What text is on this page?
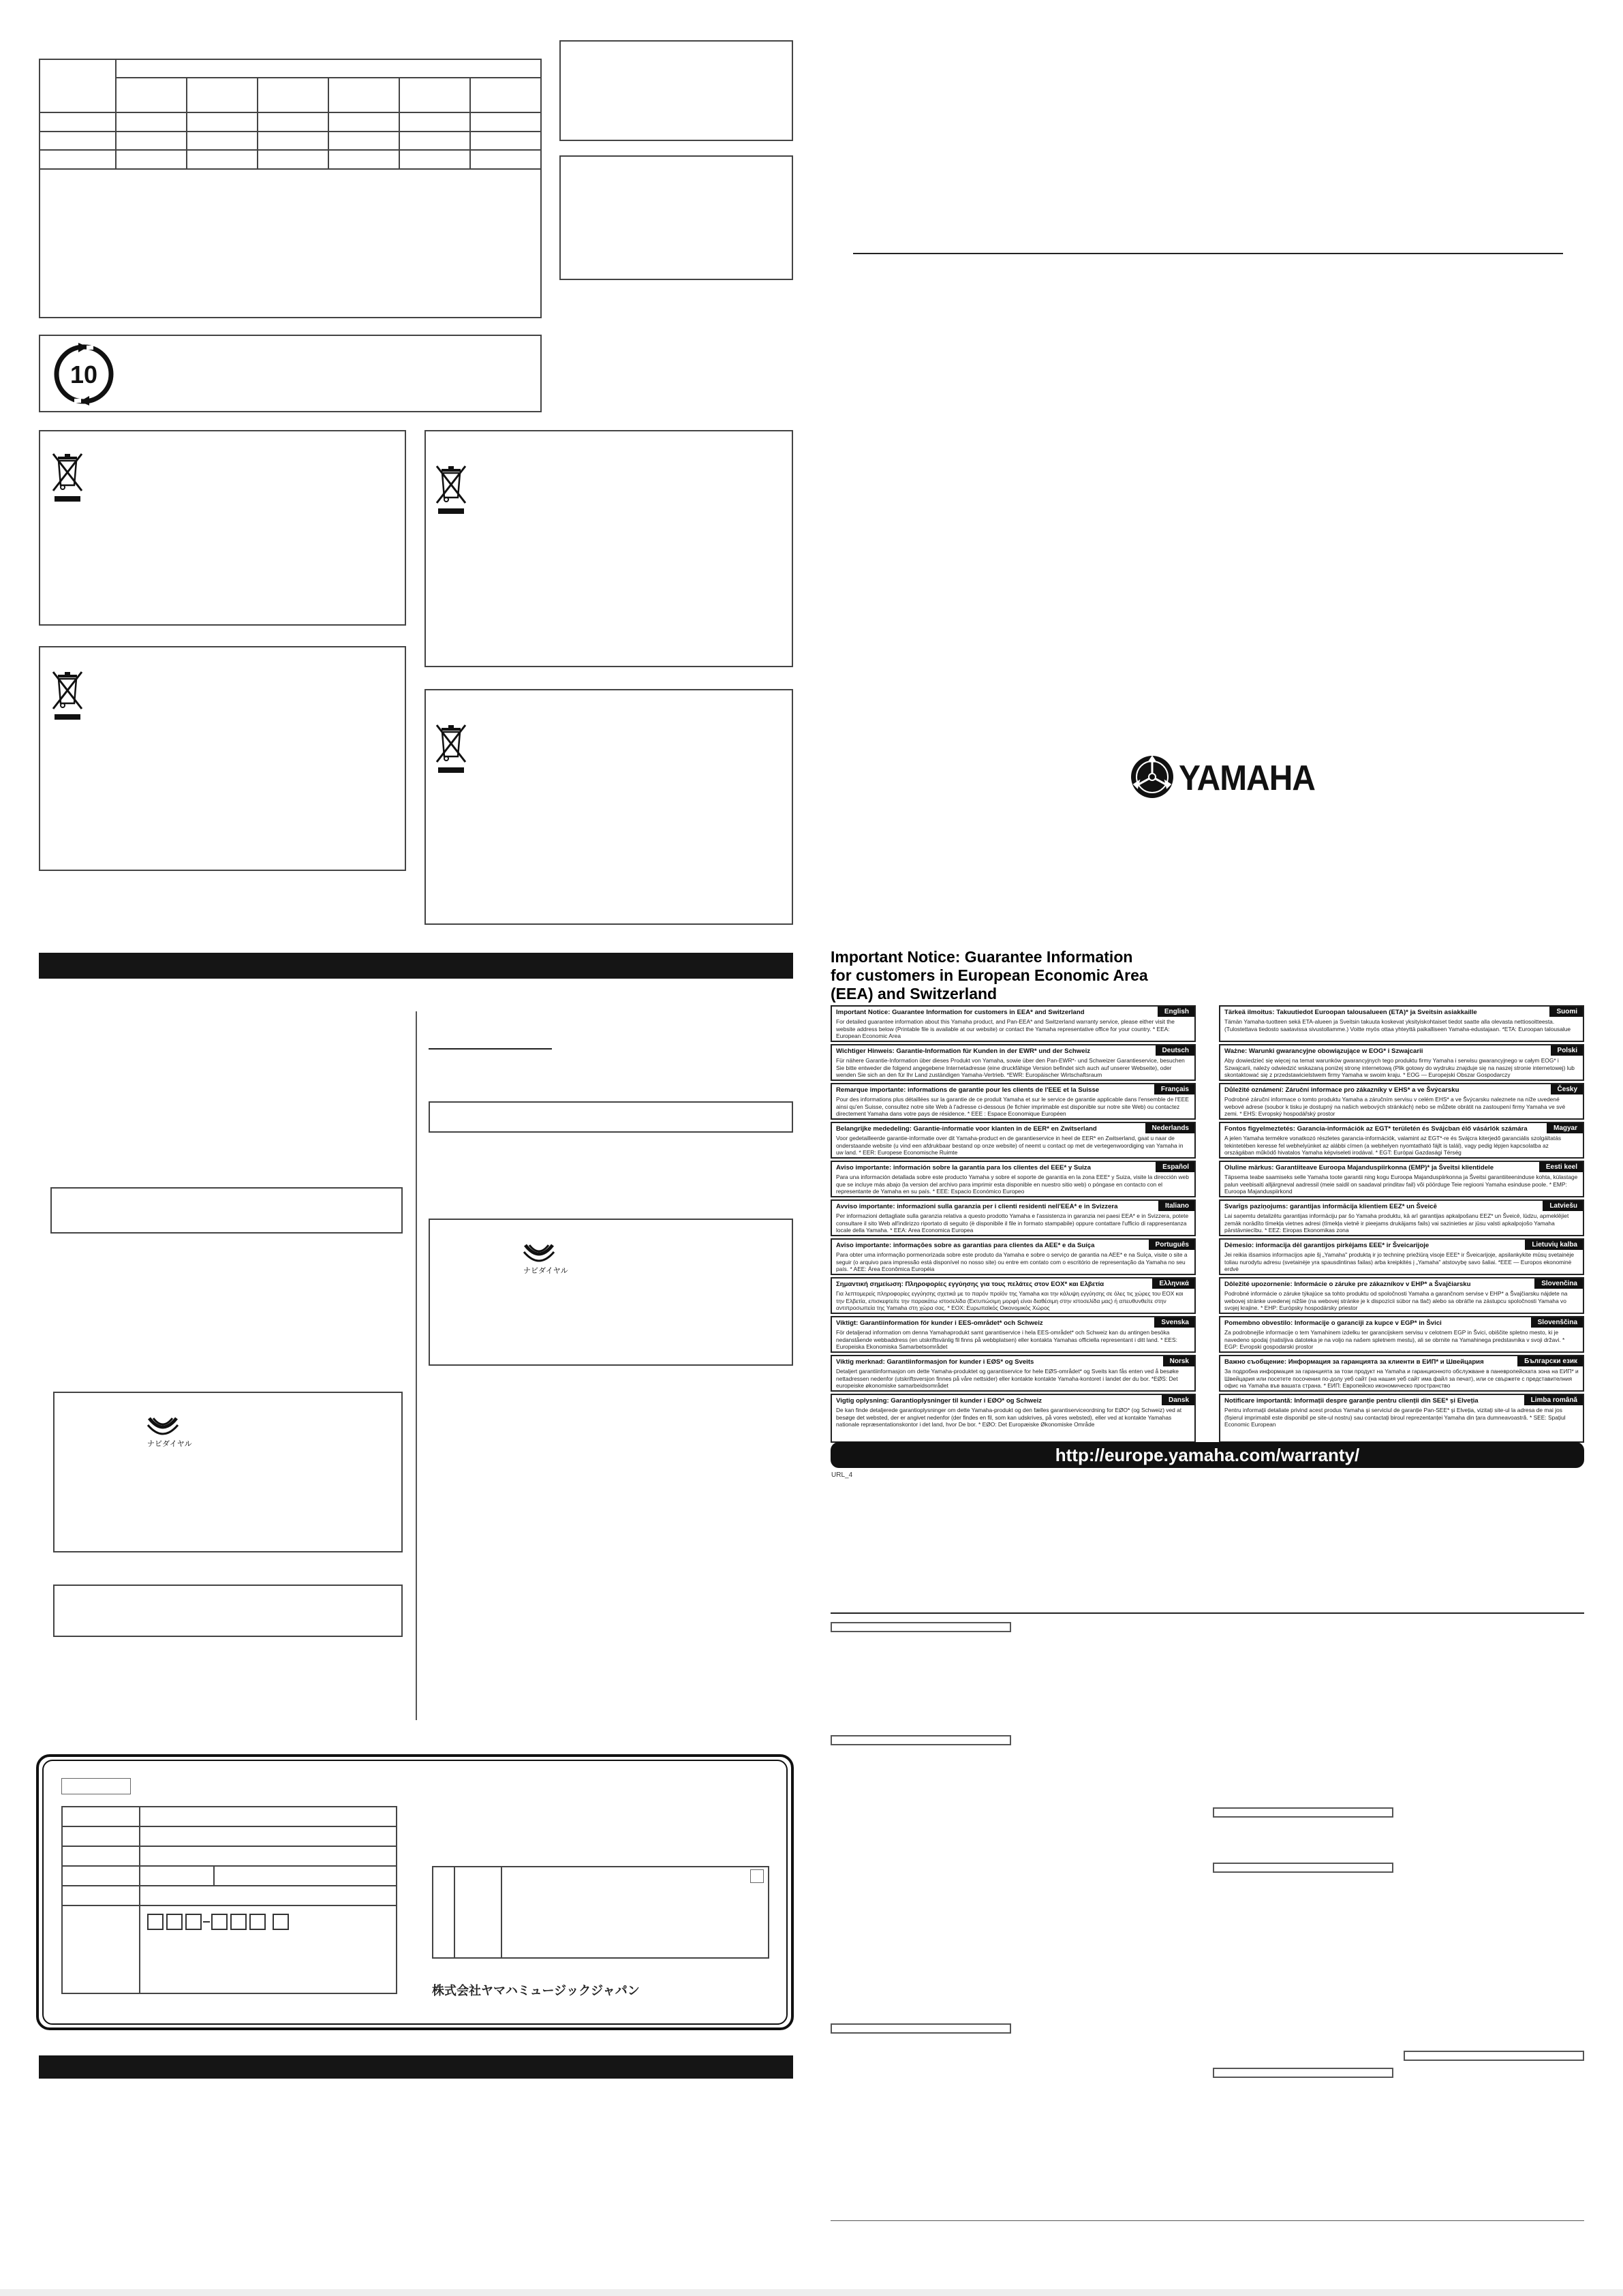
10
ナビダイヤル
ナビダイヤル

株式会社ヤマハミュージックジャパン
YAMAHA
Important Notice: Guarantee Information
for customers in European Economic Area
(EEA) and Switzerland
Important Notice: Guarantee Information for customers in EEA* and Switzerland	English
For detailed guarantee information about this Yamaha product, and Pan-EEA* and Switzerland warranty service, please either visit the website address below (Printable file is available at our website) or contact the Yamaha representative office for your country. * EEA: European Economic Area
Wichtiger Hinweis: Garantie-Information für Kunden in der EWR* und der Schweiz	Deutsch
Für nähere Garantie-Information über dieses Produkt von Yamaha, sowie über den Pan-EWR*- und Schweizer Garantieservice, besuchen Sie bitte entweder die folgend angegebene Internetadresse (eine druckfähige Version befindet sich auch auf unserer Webseite), oder wenden Sie sich an den für Ihr Land zuständigen Yamaha-Vertrieb. *EWR: Europäischer Wirtschaftsraum
Remarque importante: informations de garantie pour les clients de l'EEE et la Suisse	Français
Pour des informations plus détaillées sur la garantie de ce produit Yamaha et sur le service de garantie applicable dans l'ensemble de l'EEE ainsi qu'en Suisse, consultez notre site Web à l'adresse ci-dessous (le fichier imprimable est disponible sur notre site Web) ou contactez directement Yamaha dans votre pays de résidence. * EEE : Espace Economique Européen
Belangrijke mededeling: Garantie-informatie voor klanten in de EER* en Zwitserland	Nederlands
Voor gedetailleerde garantie-informatie over dit Yamaha-product en de garantieservice in heel de EER* en Zwitserland, gaat u naar de onderstaande website (u vind een afdrukbaar bestand op onze website) of neemt u contact op met de vertegenwoordiging van Yamaha in uw land. * EER: Europese Economische Ruimte
Aviso importante: información sobre la garantía para los clientes del EEE* y Suiza	Español
Para una información detallada sobre este producto Yamaha y sobre el soporte de garantía en la zona EEE* y Suiza, visite la dirección web que se incluye más abajo (la version del archivo para imprimir esta disponible en nuestro sitio web) o póngase en contacto con el representante de Yamaha en su país. * EEE: Espacio Económico Europeo
Avviso importante: informazioni sulla garanzia per i clienti residenti nell'EEA* e in Svizzera	Italiano
Per informazioni dettagliate sulla garanzia relativa a questo prodotto Yamaha e l'assistenza in garanzia nei paesi EEA* e in Svizzera, potete consultare il sito Web all'indirizzo riportato di seguito (è disponibile il file in formato stampabile) oppure contattare l'ufficio di rappresentanza locale della Yamaha. * EEA: Area Economica Europea
Aviso importante: informações sobre as garantias para clientes da AEE* e da Suíça	Português
Para obter uma informação pormenorizada sobre este produto da Yamaha e sobre o serviço de garantia na AEE* e na Suíça, visite o site a seguir (o arquivo para impressão está disponível no nosso site) ou entre em contato com o escritório de representação da Yamaha no seu país. * AEE: Área Econômica Européia
Σημαντική σημείωση: Πληροφορίες εγγύησης για τους πελάτες στον ΕΟΧ* και Ελβετία	Ελληνικά
Για λεπτομερείς πληροφορίες εγγύησης σχετικά με το παρόν προϊόν της Yamaha και την κάλυψη εγγύησης σε όλες τις χώρες του ΕΟΧ και την Ελβετία, επισκεφτείτε την παρακάτω ιστοσελίδα (Εκτυπώσιμη μορφή είναι διαθέσιμη στην ιστοσελίδα μας) ή απευθυνθείτε στην αντιπροσωπεία της Yamaha στη χώρα σας. * ΕΟΧ: Ευρωπαϊκός Οικονομικός Χώρος
Viktigt: Garantiinformation för kunder i EES-området* och Schweiz	Svenska
För detaljerad information om denna Yamahaprodukt samt garantiservice i hela EES-området* och Schweiz kan du antingen besöka nedanstående webbaddress (en utskriftsvänlig fil finns på webbplatsen) eller kontakta Yamahas officiella representant i ditt land. * EES: Europeiska Ekonomiska Samarbetsområdet
Viktig merknad: Garantiinformasjon for kunder i EØS* og Sveits	Norsk
Detaljert garantiinformasjon om dette Yamaha-produktet og garantiservice for hele EØS-området* og Sveits kan fås enten ved å besøke nettadressen nedenfor (utskriftsversjon finnes på våre nettsider) eller kontakte kontakte Yamaha-kontoret i landet der du bor. *EØS: Det europeiske økonomiske samarbeidsområdet
Vigtig oplysning: Garantioplysninger til kunder i EØO* og Schweiz	Dansk
De kan finde detaljerede garantioplysninger om dette Yamaha-produkt og den fælles garantiserviceordning for EØO* (og Schweiz) ved at besøge det websted, der er angivet nedenfor (der findes en fil, som kan udskrives, på vores websted), eller ved at kontakte Yamahas nationale repræsentationskontor i det land, hvor De bor. * EØO: Det Europæiske Økonomiske Område
Tärkeä ilmoitus: Takuutiedot Euroopan talousalueen (ETA)* ja Sveitsin asiakkaille	Suomi
Tämän Yamaha-tuotteen sekä ETA-alueen ja Sveitsin takuuta koskevat yksityiskohtaiset tiedot saatte alla olevasta nettiosoitteesta. (Tulostettava tiedosto saatavissa sivustollamme.) Voitte myös ottaa yhteyttä paikalliseen Yamaha-edustajaan. *ETA: Euroopan talousalue
Ważne: Warunki gwarancyjne obowiązujące w EOG* i Szwajcarii	Polski
Aby dowiedzieć się więcej na temat warunków gwarancyjnych tego produktu firmy Yamaha i serwisu gwarancyjnego w całym EOG* i Szwajcarii, należy odwiedzić wskazaną poniżej stronę internetową (Plik gotowy do wydruku znajduje się na naszej stronie internetowej) lub skontaktować się z przedstawicielstwem firmy Yamaha w swoim kraju. * EOG — Europejski Obszar Gospodarczy
Důležité oznámení: Záruční informace pro zákazníky v EHS* a ve Švýcarsku	Česky
Podrobné záruční informace o tomto produktu Yamaha a záručním servisu v celém EHS* a ve Švýcarsku naleznete na níže uvedené webové adrese (soubor k tisku je dostupný na našich webových stránkách) nebo se můžete obrátit na zastoupení firmy Yamaha ve své zemi. * EHS: Evropský hospodářský prostor
Fontos figyelmeztetés: Garancia-információk az EGT* területén és Svájcban élő vásárlók számára	Magyar
A jelen Yamaha termékre vonatkozó részletes garancia-információk, valamint az EGT*-re és Svájcra kiterjedő garanciális szolgáltatás tekintetében keresse fel webhelyünket az alábbi címen (a webhelyen nyomtatható fájlt is talál), vagy pedig lépjen kapcsolatba az országában működő hivatalos Yamaha képviseleti irodával. * EGT: Európai Gazdasági Térség
Oluline märkus: Garantiiteave Euroopa Majanduspiirkonna (EMP)* ja Šveitsi klientidele	Eesti keel
Täpsema teabe saamiseks selle Yamaha toote garantii ning kogu Euroopa Majanduspiirkonna ja Šveitsi garantiiteeninduse kohta, külastage palun veebisaiti alljärgneval aadressil (meie saidil on saadaval prinditav fail) või pöörduge Teie regiooni Yamaha esinduse poole. * EMP: Euroopa Majanduspiirkond
Svarīgs paziņojums: garantijas informācija klientiem EEZ* un Šveicē	Latviešu
Lai saņemtu detalizētu garantijas informāciju par šo Yamaha produktu, kā arī garantijas apkalpošanu EEZ* un Šveicē, lūdzu, apmeklējiet zemāk norādīto tīmekļa vietnes adresi (tīmekļa vietnē ir pieejams drukājams fails) vai sazinieties ar jūsu valsti apkalpojošo Yamaha pārstāvniecību. * EEZ: Eiropas Ekonomikas zona
Dėmesio: informacija dėl garantijos pirkėjams EEE* ir Šveicarijoje	Lietuvių kalba
Jei reikia išsamios informacijos apie šį „Yamaha" produktą ir jo techninę priežiūrą visoje EEE* ir Šveicarijoje, apsilankykite mūsų svetainėje toliau nurodytu adresu (svetainėje yra spausdintinas failas) arba kreipkitės į „Yamaha" atstovybę savo šaliai. *EEE — Europos ekonominė erdvė
Dôležité upozornenie: Informácie o záruke pre zákazníkov v EHP* a Švajčiarsku	Slovenčina
Podrobné informácie o záruke týkajúce sa tohto produktu od spoločnosti Yamaha a garančnom servise v EHP* a Švajčiarsku nájdete na webovej stránke uvedenej nižšie (na webovej stránke je k dispozícii súbor na tlač) alebo sa obráťte na zástupcu spoločnosti Yamaha vo svojej krajine. * EHP: Európsky hospodársky priestor
Pomembno obvestilo: Informacije o garanciji za kupce v EGP* in Švici	Slovenščina
Za podrobnejše informacije o tem Yamahinem izdelku ter garancijskem servisu v celotnem EGP in Švici, obiščite spletno mesto, ki je navedeno spodaj (natisljiva datoteka je na voljo na našem spletnem mestu), ali se obrnite na Yamahinega predstavnika v svoji državi. * EGP: Evropski gospodarski prostor
Важно съобщение: Информация за гаранцията за клиенти в ЕИП* и Швейцария	Български език
За подробна информация за гаранцията за този продукт на Yamaha и гаранционното обслужване в паневропейската зона на ЕИП* и Швейцария или посетете посочения по-долу уеб сайт (на нашия уеб сайт има файл за печат), или се свържете с представителния офис на Yamaha във вашата страна. * ЕИП: Европейско икономическо пространство
Notificare importantă: Informații despre garanție pentru clienții din SEE* și Elveția	Limba română
Pentru informații detaliate privind acest produs Yamaha și serviciul de garanție Pan-SEE* și Elveția, vizitați site-ul la adresa de mai jos (fișierul imprimabil este disponibil pe site-ul nostru) sau contactați biroul reprezentanței Yamaha din țara dumneavoastră. * SEE: Spațiul Economic European
http://europe.yamaha.com/warranty/
URL_4
